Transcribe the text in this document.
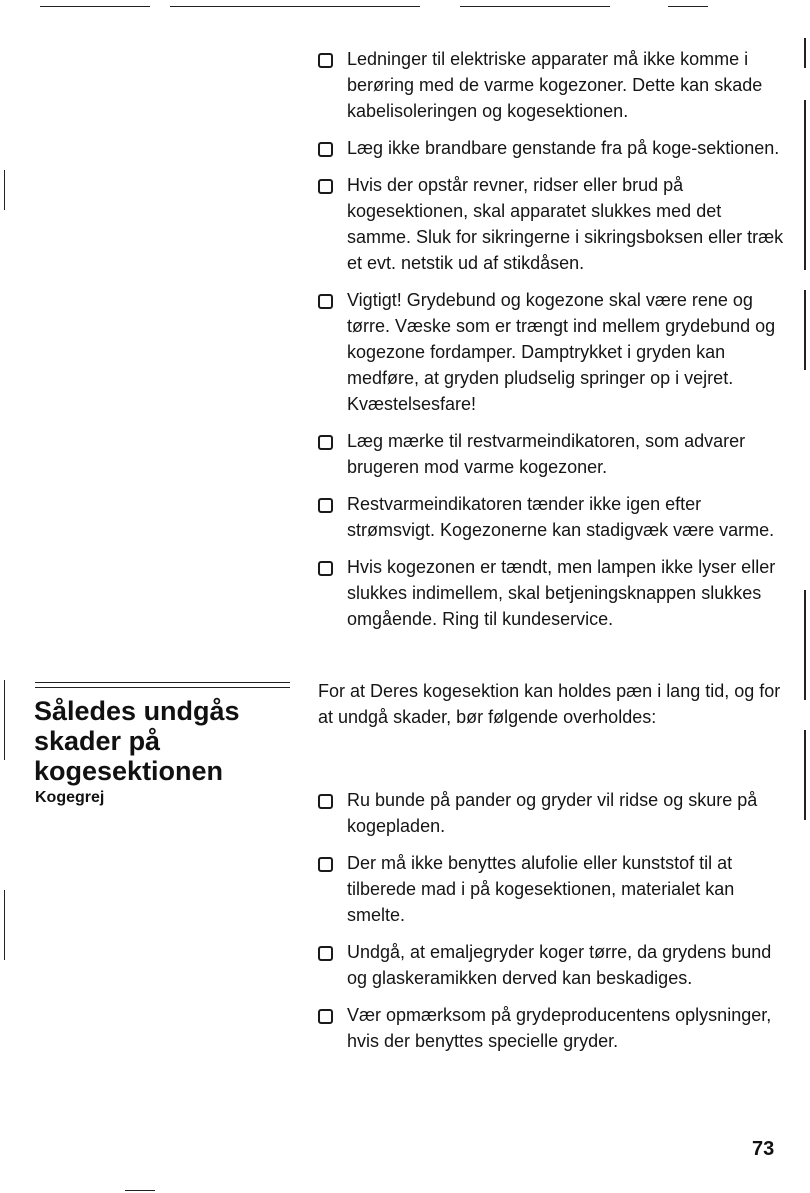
Ledninger til elektriske apparater må ikke komme i berøring med de varme kogezoner. Dette kan skade kabelisoleringen og kogesektionen.
Læg ikke brandbare genstande fra på koge-sektionen.
Hvis der opstår revner, ridser eller brud på kogesektionen, skal apparatet slukkes med det samme. Sluk for sikringerne i sikringsboksen eller træk et evt. netstik ud af stikdåsen.
Vigtigt! Grydebund og kogezone skal være rene og tørre. Væske som er trængt ind mellem grydebund og kogezone fordamper. Damptrykket i gryden kan medføre, at gryden pludselig springer op i vejret. Kvæstelsesfare!
Læg mærke til restvarmeindikatoren, som advarer brugeren mod varme kogezoner.
Restvarmeindikatoren tænder ikke igen efter strømsvigt. Kogezonerne kan stadigvæk være varme.
Hvis kogezonen er tændt, men lampen ikke lyser eller slukkes indimellem, skal betjeningsknappen slukkes omgående. Ring til kundeservice.
Således undgås skader på kogesektionen
Kogegrej

For at Deres kogesektion kan holdes pæn i lang tid, og for at undgå skader, bør følgende overholdes:

Ru bunde på pander og gryder vil ridse og skure på kogepladen.
Der må ikke benyttes alufolie eller kunststof til at tilberede mad i på kogesektionen, materialet kan smelte.
Undgå, at emaljegryder koger tørre, da grydens bund og glaskeramikken derved kan beskadiges.
Vær opmærksom på grydeproducentens oplysninger, hvis der benyttes specielle gryder.
73
